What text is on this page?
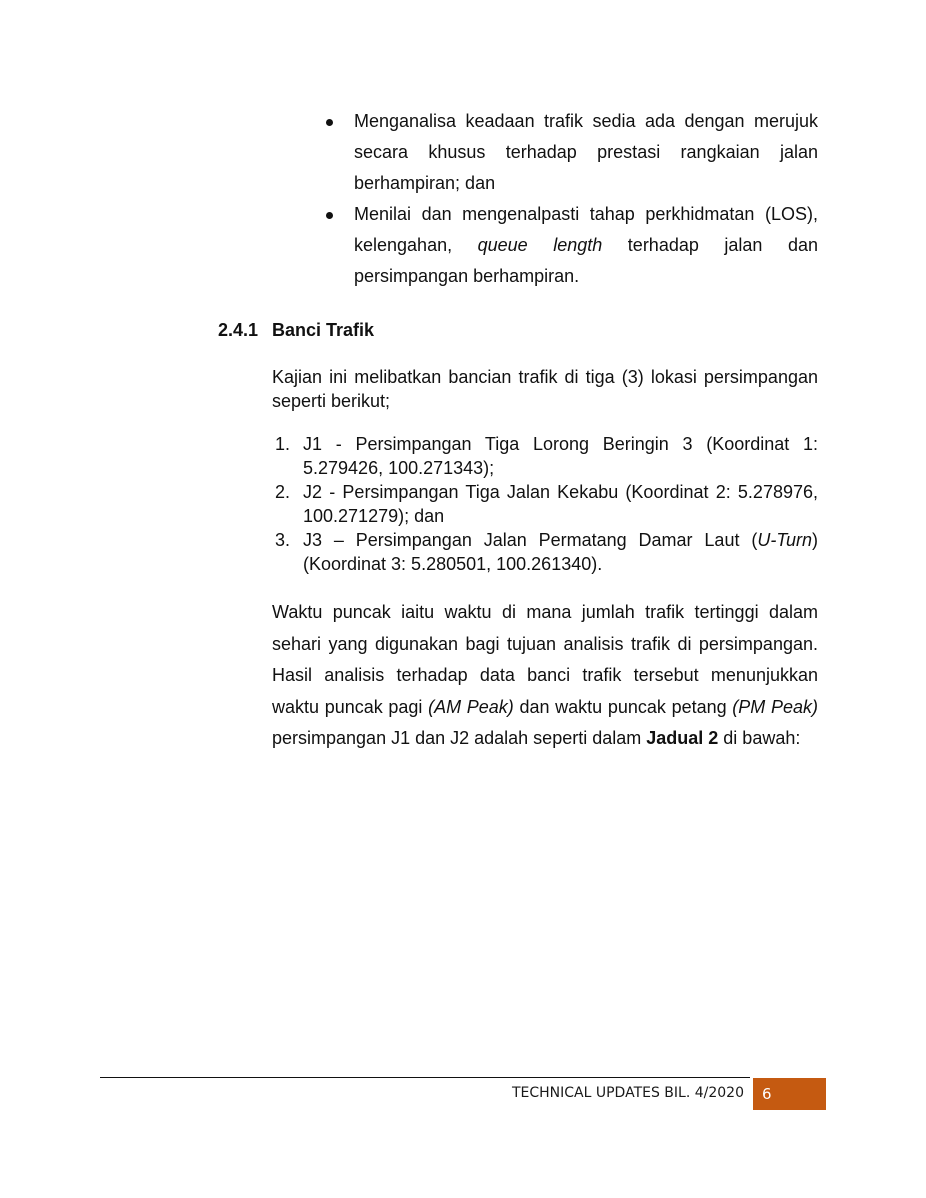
Menganalisa keadaan trafik sedia ada dengan merujuk secara khusus terhadap prestasi rangkaian jalan berhampiran; dan
Menilai dan mengenalpasti tahap perkhidmatan (LOS), kelengahan, queue length terhadap jalan dan persimpangan berhampiran.
2.4.1 Banci Trafik

Kajian ini melibatkan bancian trafik di tiga (3) lokasi persimpangan seperti berikut;

1. J1 - Persimpangan Tiga Lorong Beringin 3 (Koordinat 1: 5.279426, 100.271343);
2. J2 - Persimpangan Tiga Jalan Kekabu (Koordinat 2: 5.278976, 100.271279); dan
3. J3 – Persimpangan Jalan Permatang Damar Laut (U-Turn) (Koordinat 3: 5.280501, 100.261340).

Waktu puncak iaitu waktu di mana jumlah trafik tertinggi dalam sehari yang digunakan bagi tujuan analisis trafik di persimpangan. Hasil analisis terhadap data banci trafik tersebut menunjukkan waktu puncak pagi (AM Peak) dan waktu puncak petang (PM Peak) persimpangan J1 dan J2 adalah seperti dalam Jadual 2 di bawah:

TECHNICAL UPDATES BIL. 4/2020	6
